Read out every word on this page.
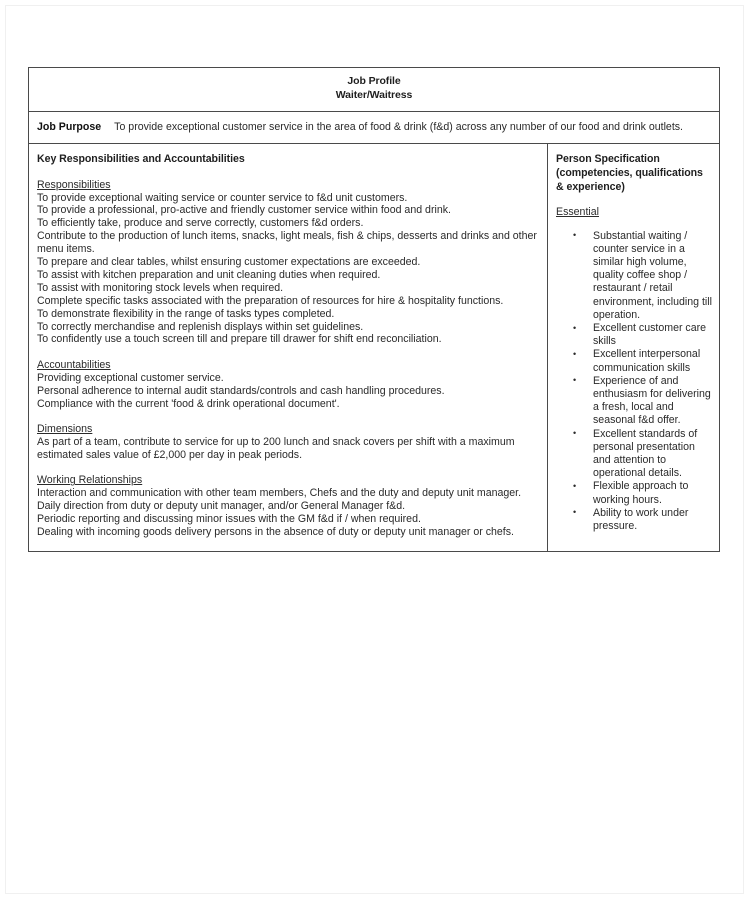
Job Profile
Waiter/Waitress
Job Purpose To provide exceptional customer service in the area of food & drink (f&d) across any number of our food and drink outlets.
Key Responsibilities and Accountabilities
Responsibilities
To provide exceptional waiting service or counter service to f&d unit customers.
To provide a professional, pro-active and friendly customer service within food and drink.
To efficiently take, produce and serve correctly, customers f&d orders.
Contribute to the production of lunch items, snacks, light meals, fish & chips, desserts and drinks and other menu items.
To prepare and clear tables, whilst ensuring customer expectations are exceeded.
To assist with kitchen preparation and unit cleaning duties when required.
To assist with monitoring stock levels when required.
Complete specific tasks associated with the preparation of resources for hire & hospitality functions.
To demonstrate flexibility in the range of tasks types completed.
To correctly merchandise and replenish displays within set guidelines.
To confidently use a touch screen till and prepare till drawer for shift end reconciliation.
Accountabilities
Providing exceptional customer service.
Personal adherence to internal audit standards/controls and cash handling procedures.
Compliance with the current 'food & drink operational document'.
Dimensions
As part of a team, contribute to service for up to 200 lunch and snack covers per shift with a maximum estimated sales value of £2,000 per day in peak periods.
Working Relationships
Interaction and communication with other team members, Chefs and the duty and deputy unit manager.
Daily direction from duty or deputy unit manager, and/or General Manager f&d.
Periodic reporting and discussing minor issues with the GM f&d if / when required.
Dealing with incoming goods delivery persons in the absence of duty or deputy unit manager or chefs.
Person Specification (competencies, qualifications & experience)
Essential
• Substantial waiting / counter service in a similar high volume, quality coffee shop / restaurant / retail environment, including till operation.
• Excellent customer care skills
• Excellent interpersonal communication skills
• Experience of and enthusiasm for delivering a fresh, local and seasonal f&d offer.
• Excellent standards of personal presentation and attention to operational details.
• Flexible approach to working hours.
• Ability to work under pressure.
